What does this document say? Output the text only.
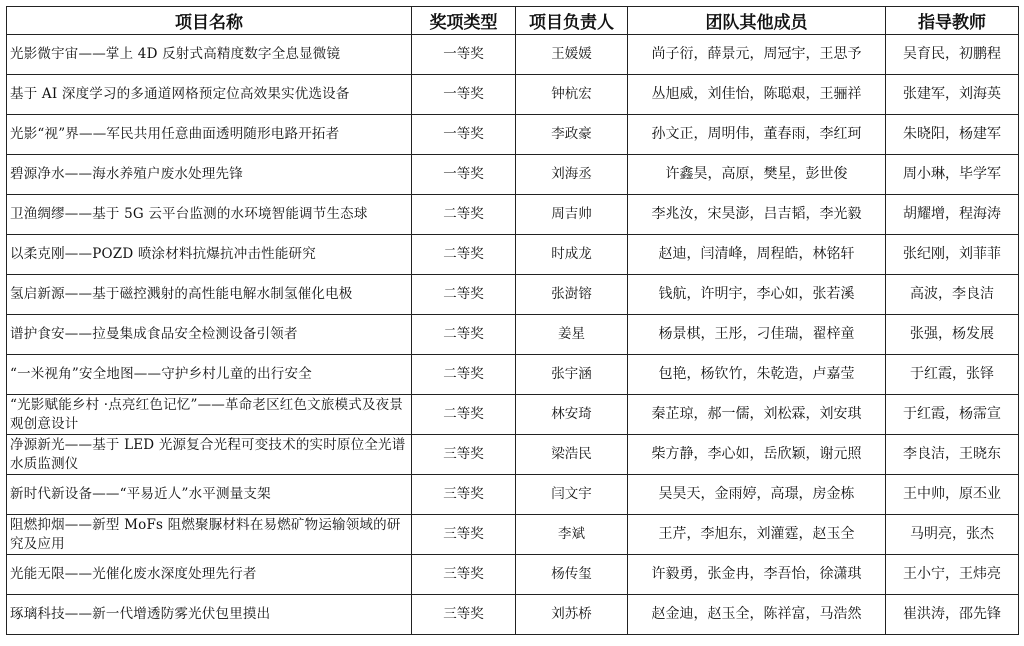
项目名称	奖项类型	项目负责人	团队其他成员	指导教师
光影微宇宙——掌上 4D 反射式高精度数字全息显微镜	一等奖	王媛媛	尚子衍，薛景元，周冠宇，王思予	吴育民，初鹏程
基于 AI 深度学习的多通道网格预定位高效果实优选设备	一等奖	钟杭宏	丛旭威，刘佳怡，陈聪艰，王骊祥	张建军，刘海英
光影“视”界——军民共用任意曲面透明随形电路开拓者	一等奖	李政豪	孙文正，周明伟，董春雨，李红珂	朱晓阳，杨建军
碧源净水——海水养殖户废水处理先锋	一等奖	刘海丞	许鑫昊，高原，樊星，彭世俊	周小琳，毕学军
卫渔绸缪——基于 5G 云平台监测的水环境智能调节生态球	二等奖	周吉帅	李兆汝，宋昊澎，吕吉韬，李光毅	胡耀增，程海涛
以柔克刚——POZD 喷涂材料抗爆抗冲击性能研究	二等奖	时成龙	赵迪，闫清峰，周程皓，林铭轩	张纪刚，刘菲菲
氢启新源——基于磁控溅射的高性能电解水制氢催化电极	二等奖	张澍镕	钱航，许明宇，李心如，张若溪	高波，李良洁
谱护食安——拉曼集成食品安全检测设备引领者	二等奖	姜星	杨景棋，王彤，刁佳瑞，翟梓童	张强，杨发展
“一米视角”安全地图——守护乡村儿童的出行安全	二等奖	张宇涵	包艳，杨钦竹，朱乾造，卢嘉莹	于红霞，张铎
“光影赋能乡村 ·点亮红色记忆”——革命老区红色文旅模式及夜景观创意设计	二等奖	林安琦	秦芷琼，郝一儒，刘松霖，刘安琪	于红霞，杨霈宣
净源新光——基于 LED 光源复合光程可变技术的实时原位全光谱水质监测仪	三等奖	梁浩民	柴方静，李心如，岳欣颖，谢元照	李良洁，王晓东
新时代新设备——“平易近人”水平测量支架	三等奖	闫文宇	吴昊天，金雨婷，高璟，房金栋	王中帅，原丕业
阻燃抑烟——新型 MoFs 阻燃聚脲材料在易燃矿物运输领域的研究及应用	三等奖	李斌	王芹，李旭东，刘灌霆，赵玉全	马明亮，张杰
光能无限——光催化废水深度处理先行者	三等奖	杨传玺	许毅勇，张金冉，李吾怡，徐潇琪	王小宁，王炜亮
琢璃科技——新一代增透防雾光伏包里摸出	三等奖	刘苏桥	赵金迪，赵玉全，陈祥富，马浩然	崔洪涛，邵先锋
